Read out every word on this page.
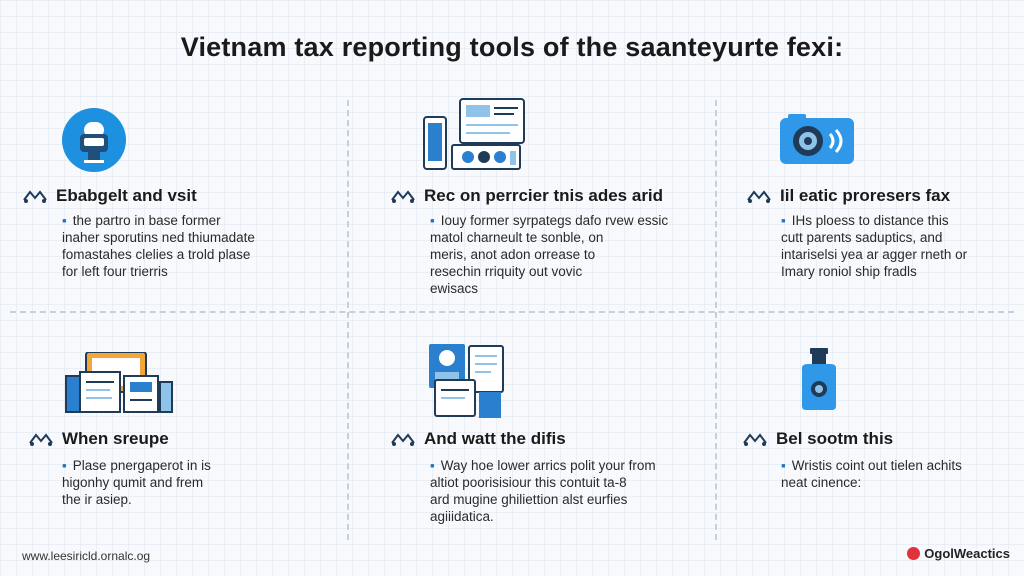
Vietnam tax reporting tools of the saanteyurte fexi:
Ebabgelt and vsit	Rec on perrcier tnis ades arid	Iil eatic proresers fax
When sreupe	And watt the difis	Bel sootm this
▪ the partro in base former
inaher sporutins ned thiumadate
fomastahes clelies a trold plase
for left four trierris
▪ Iouy former syrpategs dafo rvew essic
matol charneult te sonble, on
meris, anot adon orrease to
resechin rriquity out vovic
ewisacs
▪ IHs ploess to distance this
cutt parents saduptics, and
intariselsi yea ar agger rneth or
Imary roniol ship fradls
▪ Plase pnergaperot in is
higonhy qumit and frem
the ir asiep.
▪ Way hoe lower arrics polit your from
altiot poorisisiour this contuit ta-8
ard mugine ghiliettion alst eurfies
agiiidatica.
▪ Wristis coint out tielen achits
neat cinence:
www.leesiricld.ornalc.og	OgolWeactics
